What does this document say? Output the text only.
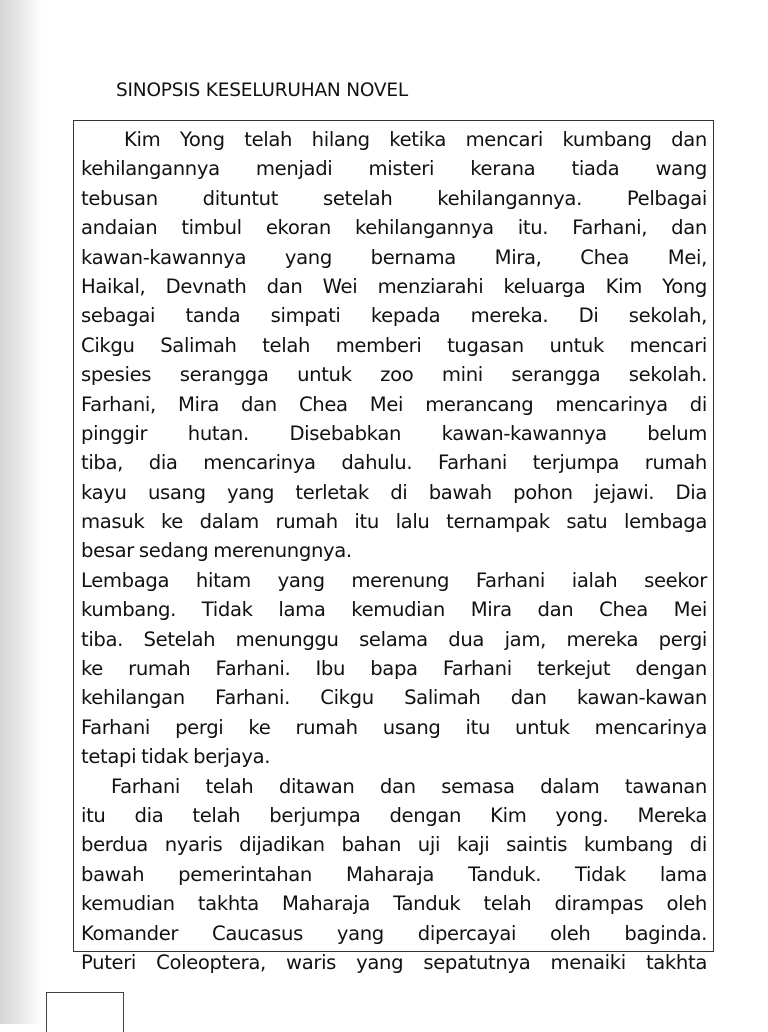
SINOPSIS KESELURUHAN NOVEL
Kim Yong telah hilang ketika mencari kumbang dan
kehilangannya menjadi misteri kerana tiada wang
tebusan dituntut setelah kehilangannya. Pelbagai
andaian timbul ekoran kehilangannya itu. Farhani, dan
kawan-kawannya yang bernama Mira, Chea Mei,
Haikal, Devnath dan Wei menziarahi keluarga Kim Yong
sebagai tanda simpati kepada mereka. Di sekolah,
Cikgu Salimah telah memberi tugasan untuk mencari
spesies serangga untuk zoo mini serangga sekolah.
Farhani, Mira dan Chea Mei merancang mencarinya di
pinggir hutan. Disebabkan kawan-kawannya belum
tiba, dia mencarinya dahulu. Farhani terjumpa rumah
kayu usang yang terletak di bawah pohon jejawi. Dia
masuk ke dalam rumah itu lalu ternampak satu lembaga
besar sedang merenungnya.
Lembaga hitam yang merenung Farhani ialah seekor
kumbang. Tidak lama kemudian Mira dan Chea Mei
tiba. Setelah menunggu selama dua jam, mereka pergi
ke rumah Farhani. Ibu bapa Farhani terkejut dengan
kehilangan Farhani. Cikgu Salimah dan kawan-kawan
Farhani pergi ke rumah usang itu untuk mencarinya
tetapi tidak berjaya.
Farhani telah ditawan dan semasa dalam tawanan
itu dia telah berjumpa dengan Kim yong. Mereka
berdua nyaris dijadikan bahan uji kaji saintis kumbang di
bawah pemerintahan Maharaja Tanduk. Tidak lama
kemudian takhta Maharaja Tanduk telah dirampas oleh
Komander Caucasus yang dipercayai oleh baginda.
Puteri Coleoptera, waris yang sepatutnya menaiki takhta
